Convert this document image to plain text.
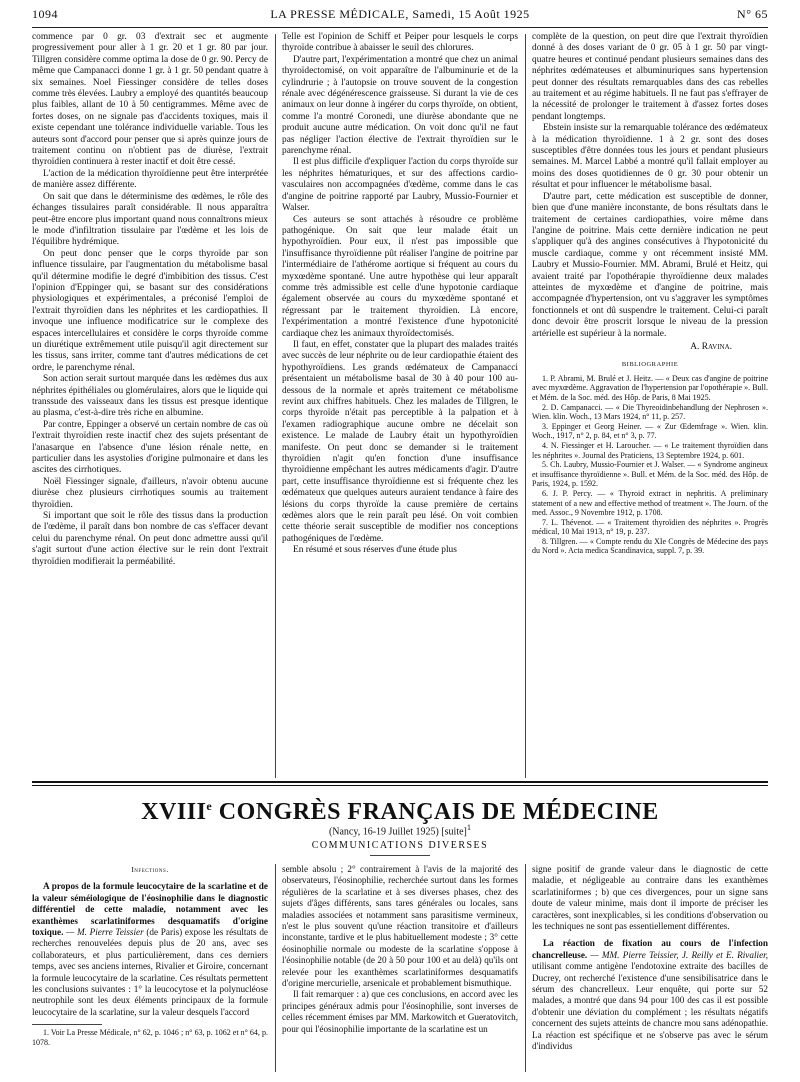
1094	LA PRESSE MÉDICALE, Samedi, 15 Août 1925	N° 65

commence par 0 gr. 03 d'extrait sec et augmente progressivement pour aller à 1 gr. 20 et 1 gr. 80 par jour. Tillgren considère comme optima la dose de 0 gr. 90. Percy de même que Campanacci donne 1 gr. à 1 gr. 50 pendant quatre à six semaines. Noel Fiessinger considère de telles doses comme très élevées. Laubry a employé des quantités beaucoup plus faibles, allant de 10 à 50 centigrammes. Même avec de fortes doses, on ne signale pas d'accidents toxiques, mais il existe cependant une tolérance individuelle variable. Tous les auteurs sont d'accord pour penser que si après quinze jours de traitement continu on n'obtient pas de diurèse, l'extrait thyroïdien continuera à rester inactif et doit être cessé.

L'action de la médication thyroïdienne peut être interprétée de manière assez différente.

On sait que dans le déterminisme des œdèmes, le rôle des échanges tissulaires paraît considérable. Il nous apparaîtra peut-être encore plus important quand nous connaîtrons mieux le mode d'infiltration tissulaire par l'œdème et les lois de l'équilibre hydrémique.

On peut donc penser que le corps thyroïde par son influence tissulaire, par l'augmentation du métabolisme basal qu'il détermine modifie le degré d'imbibition des tissus. C'est l'opinion d'Eppinger qui, se basant sur des considérations physiologiques et expérimentales, a préconisé l'emploi de l'extrait thyroïdien dans les néphrites et les cardiopathies. Il invoque une influence modificatrice sur le complexe des espaces intercellulaires et considère le corps thyroïde comme un diurétique extrêmement utile puisqu'il agit directement sur les tissus, sans irriter, comme tant d'autres médications de cet ordre, le parenchyme rénal.

Son action serait surtout marquée dans les œdèmes dus aux néphrites épithéliales ou glomérulaires, alors que le liquide qui transsude des vaisseaux dans les tissus est presque identique au plasma, c'est-à-dire très riche en albumine.

Par contre, Eppinger a observé un certain nombre de cas où l'extrait thyroïdien reste inactif chez des sujets présentant de l'anasarque en l'absence d'une lésion rénale nette, en particulier dans les asystolies d'origine pulmonaire et dans les ascites des cirrhotiques.

Noël Fiessinger signale, d'ailleurs, n'avoir obtenu aucune diurèse chez plusieurs cirrhotiques soumis au traitement thyroïdien.

Si important que soit le rôle des tissus dans la production de l'œdème, il paraît dans bon nombre de cas s'effacer devant celui du parenchyme rénal. On peut donc admettre aussi qu'il s'agit surtout d'une action élective sur le rein dont l'extrait thyroïdien modifierait la perméabilité.

Telle est l'opinion de Schiff et Peiper pour lesquels le corps thyroïde contribue à abaisser le seuil des chlorures.

D'autre part, l'expérimentation a montré que chez un animal thyroïdectomisé, on voit apparaître de l'albuminurie et de la cylindrurie ; à l'autopsie on trouve souvent de la congestion rénale avec dégénérescence graisseuse. Si durant la vie de ces animaux on leur donne à ingérer du corps thyroïde, on obtient, comme l'a montré Coronedi, une diurèse abondante que ne produit aucune autre médication. On voit donc qu'il ne faut pas négliger l'action élective de l'extrait thyroïdien sur le parenchyme rénal.

Il est plus difficile d'expliquer l'action du corps thyroïde sur les néphrites hématuriques, et sur des affections cardio-vasculaires non accompagnées d'œdème, comme dans le cas d'angine de poitrine rapporté par Laubry, Mussio-Fournier et Walser.

Ces auteurs se sont attachés à résoudre ce problème pathogénique. On sait que leur malade était un hypothyroïdien. Pour eux, il n'est pas impossible que l'insuffisance thyroïdienne pût réaliser l'angine de poitrine par l'intermédiaire de l'athérome aortique si fréquent au cours du myxœdème spontané. Une autre hypothèse qui leur apparaît comme très admissible est celle d'une hypotonie cardiaque également observée au cours du myxœdème spontané et régressant par le traitement thyroïdien. Là encore, l'expérimentation a montré l'existence d'une hypotonicité cardiaque chez les animaux thyroïdectomisés.

Il faut, en effet, constater que la plupart des malades traités avec succès de leur néphrite ou de leur cardiopathie étaient des hypothyroïdiens. Les grands œdémateux de Campanacci présentaient un métabolisme basal de 30 à 40 pour 100 au-dessous de la normale et après traitement ce métabolisme revint aux chiffres habituels. Chez les malades de Tillgren, le corps thyroïde n'était pas perceptible à la palpation et à l'examen radiographique aucune ombre ne décelait son existence. Le malade de Laubry était un hypothyroïdien manifeste. On peut donc se demander si le traitement thyroïdien n'agit qu'en fonction d'une insuffisance thyroïdienne empêchant les autres médicaments d'agir. D'autre part, cette insuffisance thyroïdienne est si fréquente chez les œdémateux que quelques auteurs auraient tendance à faire des lésions du corps thyroïde la cause première de certains œdèmes alors que le rein paraît peu lésé. On voit combien cette théorie serait susceptible de modifier nos conceptions pathogéniques de l'œdème.

En résumé et sous réserves d'une étude plus

complète de la question, on peut dire que l'extrait thyroïdien donné à des doses variant de 0 gr. 05 à 1 gr. 50 par vingt-quatre heures et continué pendant plusieurs semaines dans des néphrites œdémateuses et albuminuriques sans hypertension peut donner des résultats remarquables dans des cas rebelles au traitement et au régime habituels. Il ne faut pas s'effrayer de la nécessité de prolonger le traitement à d'assez fortes doses pendant longtemps.

Ebstein insiste sur la remarquable tolérance des œdémateux à la médication thyroïdienne. 1 à 2 gr. sont des doses susceptibles d'être données tous les jours et pendant plusieurs semaines. M. Marcel Labbé a montré qu'il fallait employer au moins des doses quotidiennes de 0 gr. 30 pour obtenir un résultat et pour influencer le métabolisme basal.

D'autre part, cette médication est susceptible de donner, bien que d'une manière inconstante, de bons résultats dans le traitement de certaines cardiopathies, voire même dans l'angine de poitrine. Mais cette dernière indication ne peut s'appliquer qu'à des angines consécutives à l'hypotonicité du muscle cardiaque, comme y ont récemment insisté MM. Laubry et Mussio-Fournier. MM. Abrami, Brulé et Heitz, qui avaient traité par l'opothérapie thyroïdienne deux malades atteintes de myxœdème et d'angine de poitrine, mais accompagnée d'hypertension, ont vu s'aggraver les symptômes fonctionnels et ont dû suspendre le traitement. Celui-ci paraît donc devoir être proscrit lorsque le niveau de la pression artérielle est supérieur à la normale.

A. Ravina.
BIBLIOGRAPHIE

1. P. Abrami, M. Brulé et J. Heitz. — « Deux cas d'angine de poitrine avec myxœdème. Aggravation de l'hypertension par l'opothérapie ». Bull. et Mém. de la Soc. méd. des Hôp. de Paris, 8 Mai 1925.

2. D. Campanacci. — « Die Thyreoidinbehandlung der Nephrosen ». Wien. klin. Woch., 13 Mars 1924, n° 11, p. 257.

3. Eppinger et Georg Heiner. — « Zur Œdemfrage ». Wien. klin. Woch., 1917, n° 2, p. 84, et n° 3, p. 77.

4. N. Fiessinger et H. Laroucher. — « Le traitement thyroïdien dans les néphrites ». Journal des Praticiens, 13 Septembre 1924, p. 601.

5. Ch. Laubry, Mussio-Fournier et J. Walser. — « Syndrome angineux et insuffisance thyroïdienne ». Bull. et Mém. de la Soc. méd. des Hôp. de Paris, 1924, p. 1592.

6. J. P. Percy. — « Thyroid extract in nephritis. A preliminary statement of a new and effective method of treatment ». The Journ. of the med. Assoc., 9 Novembre 1912, p. 1708.

7. L. Thévenot. — « Traitement thyroïdien des néphrites ». Progrès médical, 10 Mai 1913, n° 19, p. 237.

8. Tillgren. — « Compte rendu du XIe Congrès de Médecine des pays du Nord ». Acta medica Scandinavica, suppl. 7, p. 39.

XVIIIe CONGRÈS FRANÇAIS DE MÉDECINE
(Nancy, 16-19 Juillet 1925) [suite]$^1$
COMMUNICATIONS DIVERSES
Infections.

A propos de la formule leucocytaire de la scarlatine et de la valeur séméiologique de l'éosinophilie dans le diagnostic différentiel de cette maladie, notamment avec les exanthèmes scarlatiniformes desquamatifs d'origine toxique. — M. Pierre Teissier (de Paris) expose les résultats de recherches renouvelées depuis plus de 20 ans, avec ses collaborateurs, et plus particulièrement, dans ces derniers temps, avec ses anciens internes, Rivalier et Giroire, concernant la formule leucocytaire de la scarlatine. Ces résultats permettent les conclusions suivantes : 1° la leucocytose et la polynucléose neutrophile sont les deux éléments principaux de la formule leucocytaire de la scarlatine, sur la valeur desquels l'accord

1. Voir La Presse Médicale, n° 62, p. 1046 ; n° 63, p. 1062 et n° 64, p. 1078.

semble absolu ; 2° contrairement à l'avis de la majorité des observateurs, l'éosinophilie, recherchée surtout dans les formes régulières de la scarlatine et à ses diverses phases, chez des sujets d'âges différents, sans tares générales ou locales, sans maladies associées et notamment sans parasitisme vermineux, n'est le plus souvent qu'une réaction transitoire et d'ailleurs inconstante, tardive et le plus habituellement modeste ; 3° cette éosinophilie normale ou modeste de la scarlatine s'oppose à l'éosinophilie notable (de 20 à 50 pour 100 et au delà) qu'ils ont relevée pour les exanthèmes scarlatiniformes desquamatifs d'origine mercurielle, arsenicale et probablement bismuthique.

Il fait remarquer : a) que ces conclusions, en accord avec les principes généraux admis pour l'éosinophilie, sont inverses de celles récemment émises par MM. Markowitch et Gueratovitch, pour qui l'éosinophilie importante de la scarlatine est un

signe positif de grande valeur dans le diagnostic de cette maladie, et négligeable au contraire dans les exanthèmes scarlatiniformes ; b) que ces divergences, pour un signe sans doute de valeur minime, mais dont il importe de préciser les caractères, sont inexplicables, si les conditions d'observation ou les techniques ne sont pas essentiellement différentes.

La réaction de fixation au cours de l'infection chancrelleuse. — MM. Pierre Teissier, J. Reilly et E. Rivalier, utilisant comme antigène l'endotoxine extraite des bacilles de Ducrey, ont recherché l'existence d'une sensibilisatrice dans le sérum des chancrelleux. Leur enquête, qui porte sur 52 malades, a montré que dans 94 pour 100 des cas il est possible d'obtenir une déviation du complément ; les résultats négatifs concernent des sujets atteints de chancre mou sans adénopathie. La réaction est spécifique et ne s'observe pas avec le sérum d'individus
